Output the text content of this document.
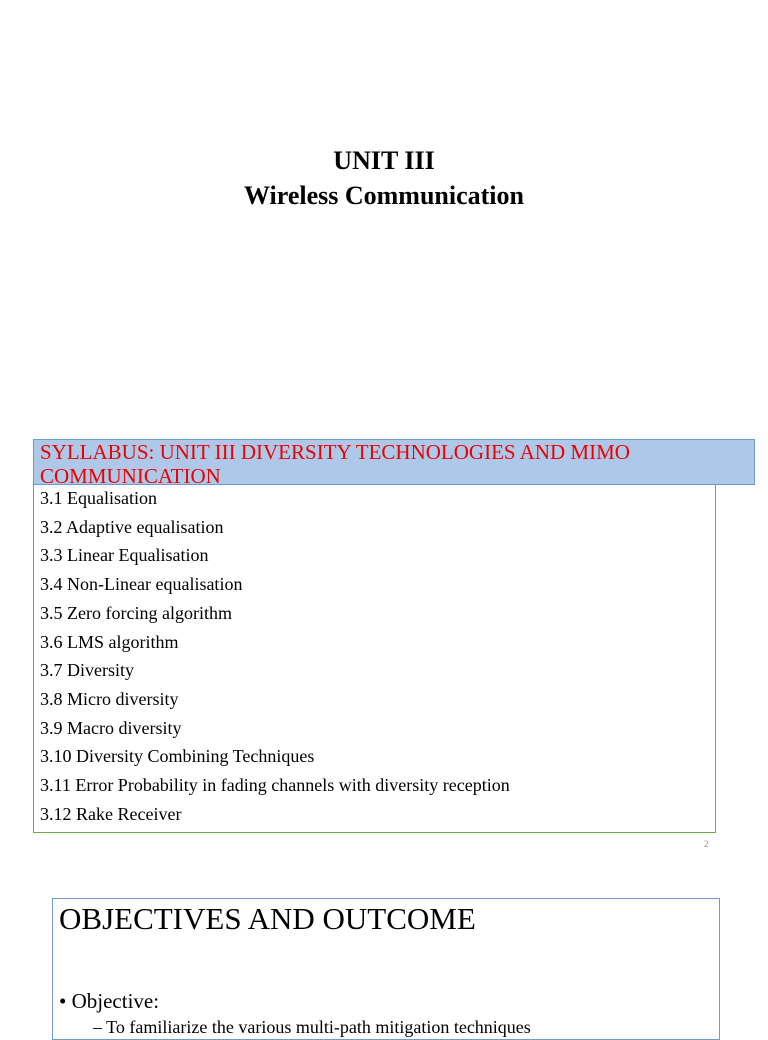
UNIT III
Wireless Communication
SYLLABUS: UNIT III DIVERSITY TECHNOLOGIES AND MIMO COMMUNICATION
3.1 Equalisation
3.2 Adaptive equalisation
3.3 Linear Equalisation
3.4 Non-Linear equalisation
3.5 Zero forcing algorithm
3.6 LMS algorithm
3.7 Diversity
3.8 Micro diversity
3.9 Macro diversity
3.10 Diversity Combining Techniques
3.11 Error Probability in fading channels with diversity reception
3.12 Rake Receiver
2
OBJECTIVES AND OUTCOME
• Objective:
– To familiarize the various multi-path mitigation techniques
